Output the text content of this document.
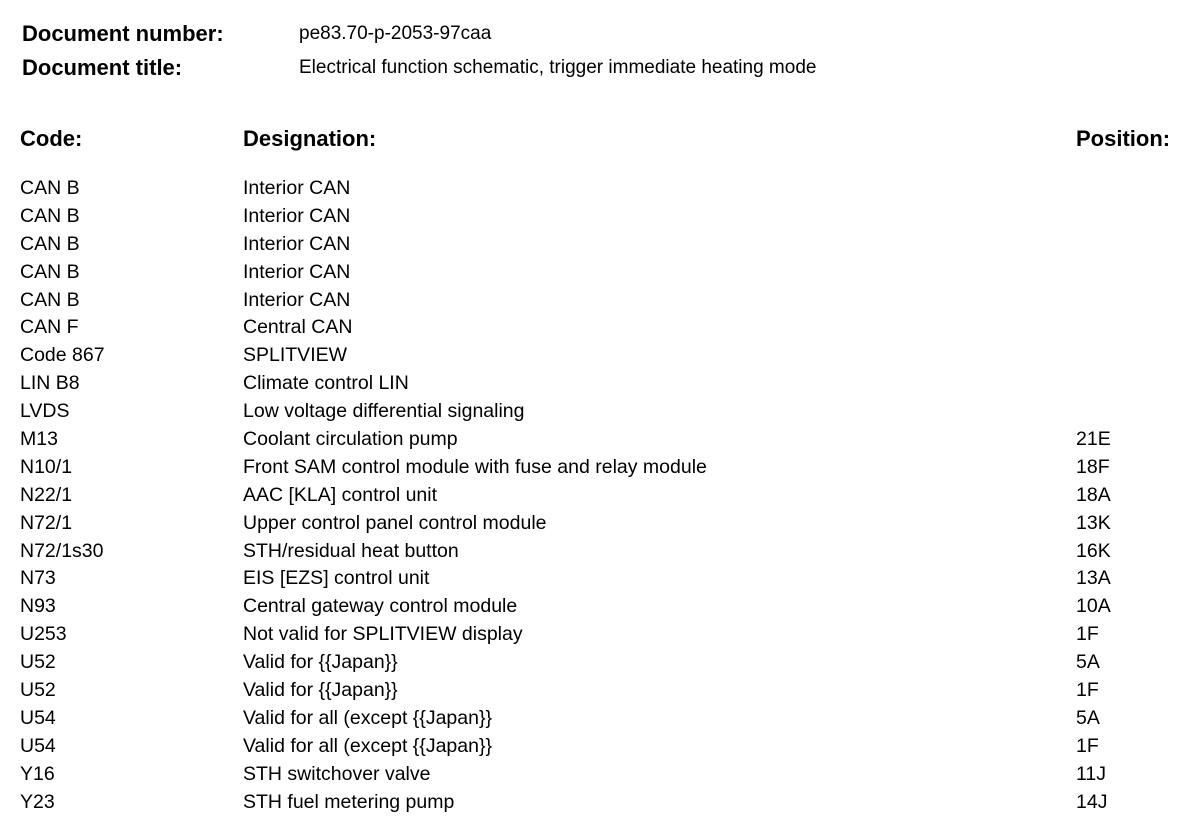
Document number:	pe83.70-p-2053-97caa
Document title:	Electrical function schematic, trigger immediate heating mode
Code:	Designation:	Position:
CAN B	Interior CAN
CAN B	Interior CAN
CAN B	Interior CAN
CAN B	Interior CAN
CAN B	Interior CAN
CAN F	Central CAN
Code 867	SPLITVIEW
LIN B8	Climate control LIN
LVDS	Low voltage differential signaling
M13	Coolant circulation pump	21E
N10/1	Front SAM control module with fuse and relay module	18F
N22/1	AAC [KLA] control unit	18A
N72/1	Upper control panel control module	13K
N72/1s30	STH/residual heat button	16K
N73	EIS [EZS] control unit	13A
N93	Central gateway control module	10A
U253	Not valid for SPLITVIEW display	1F
U52	Valid for {{Japan}}	5A
U52	Valid for {{Japan}}	1F
U54	Valid for all (except {{Japan}}	5A
U54	Valid for all (except {{Japan}}	1F
Y16	STH switchover valve	11J
Y23	STH fuel metering pump	14J
